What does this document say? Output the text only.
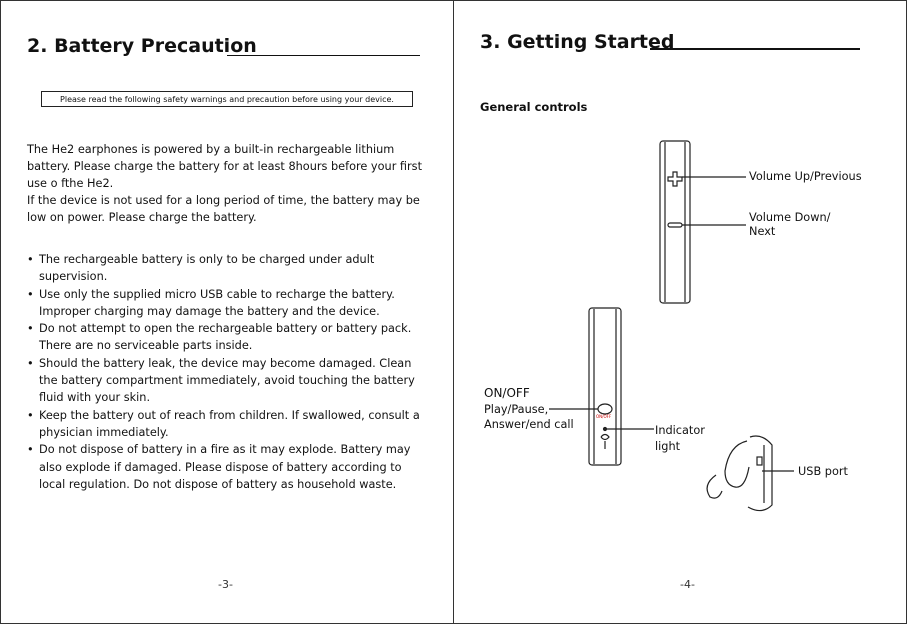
2. Battery Precaution
Please read the following safety warnings and precaution before using your device.

The He2 earphones is powered by a built-in rechargeable lithium
battery. Please charge the battery for at least 8hours before your first
use o fthe He2.
If the device is not used for a long period of time, the battery may be
low on power. Please charge the battery.

• The rechargeable battery is only to be charged under adult
supervision.
• Use only the supplied micro USB cable to recharge the battery.
Improper charging may damage the battery and the device.
• Do not attempt to open the rechargeable battery or battery pack.
There are no serviceable parts inside.
• Should the battery leak, the device may become damaged. Clean
the battery compartment immediately, avoid touching the battery
fluid with your skin.
• Keep the battery out of reach from children. If swallowed, consult a
physician immediately.
• Do not dispose of battery in a fire as it may explode. Battery may
also explode if damaged. Please dispose of battery according to
local regulation. Do not dispose of battery as household waste.
-3-
3. Getting Started
General controls
Volume Up/Previous
Volume Down/
Next
ON/OFF
Play/Pause,
Answer/end call	Indicator
light
USB port
ON/OFF
-4-
